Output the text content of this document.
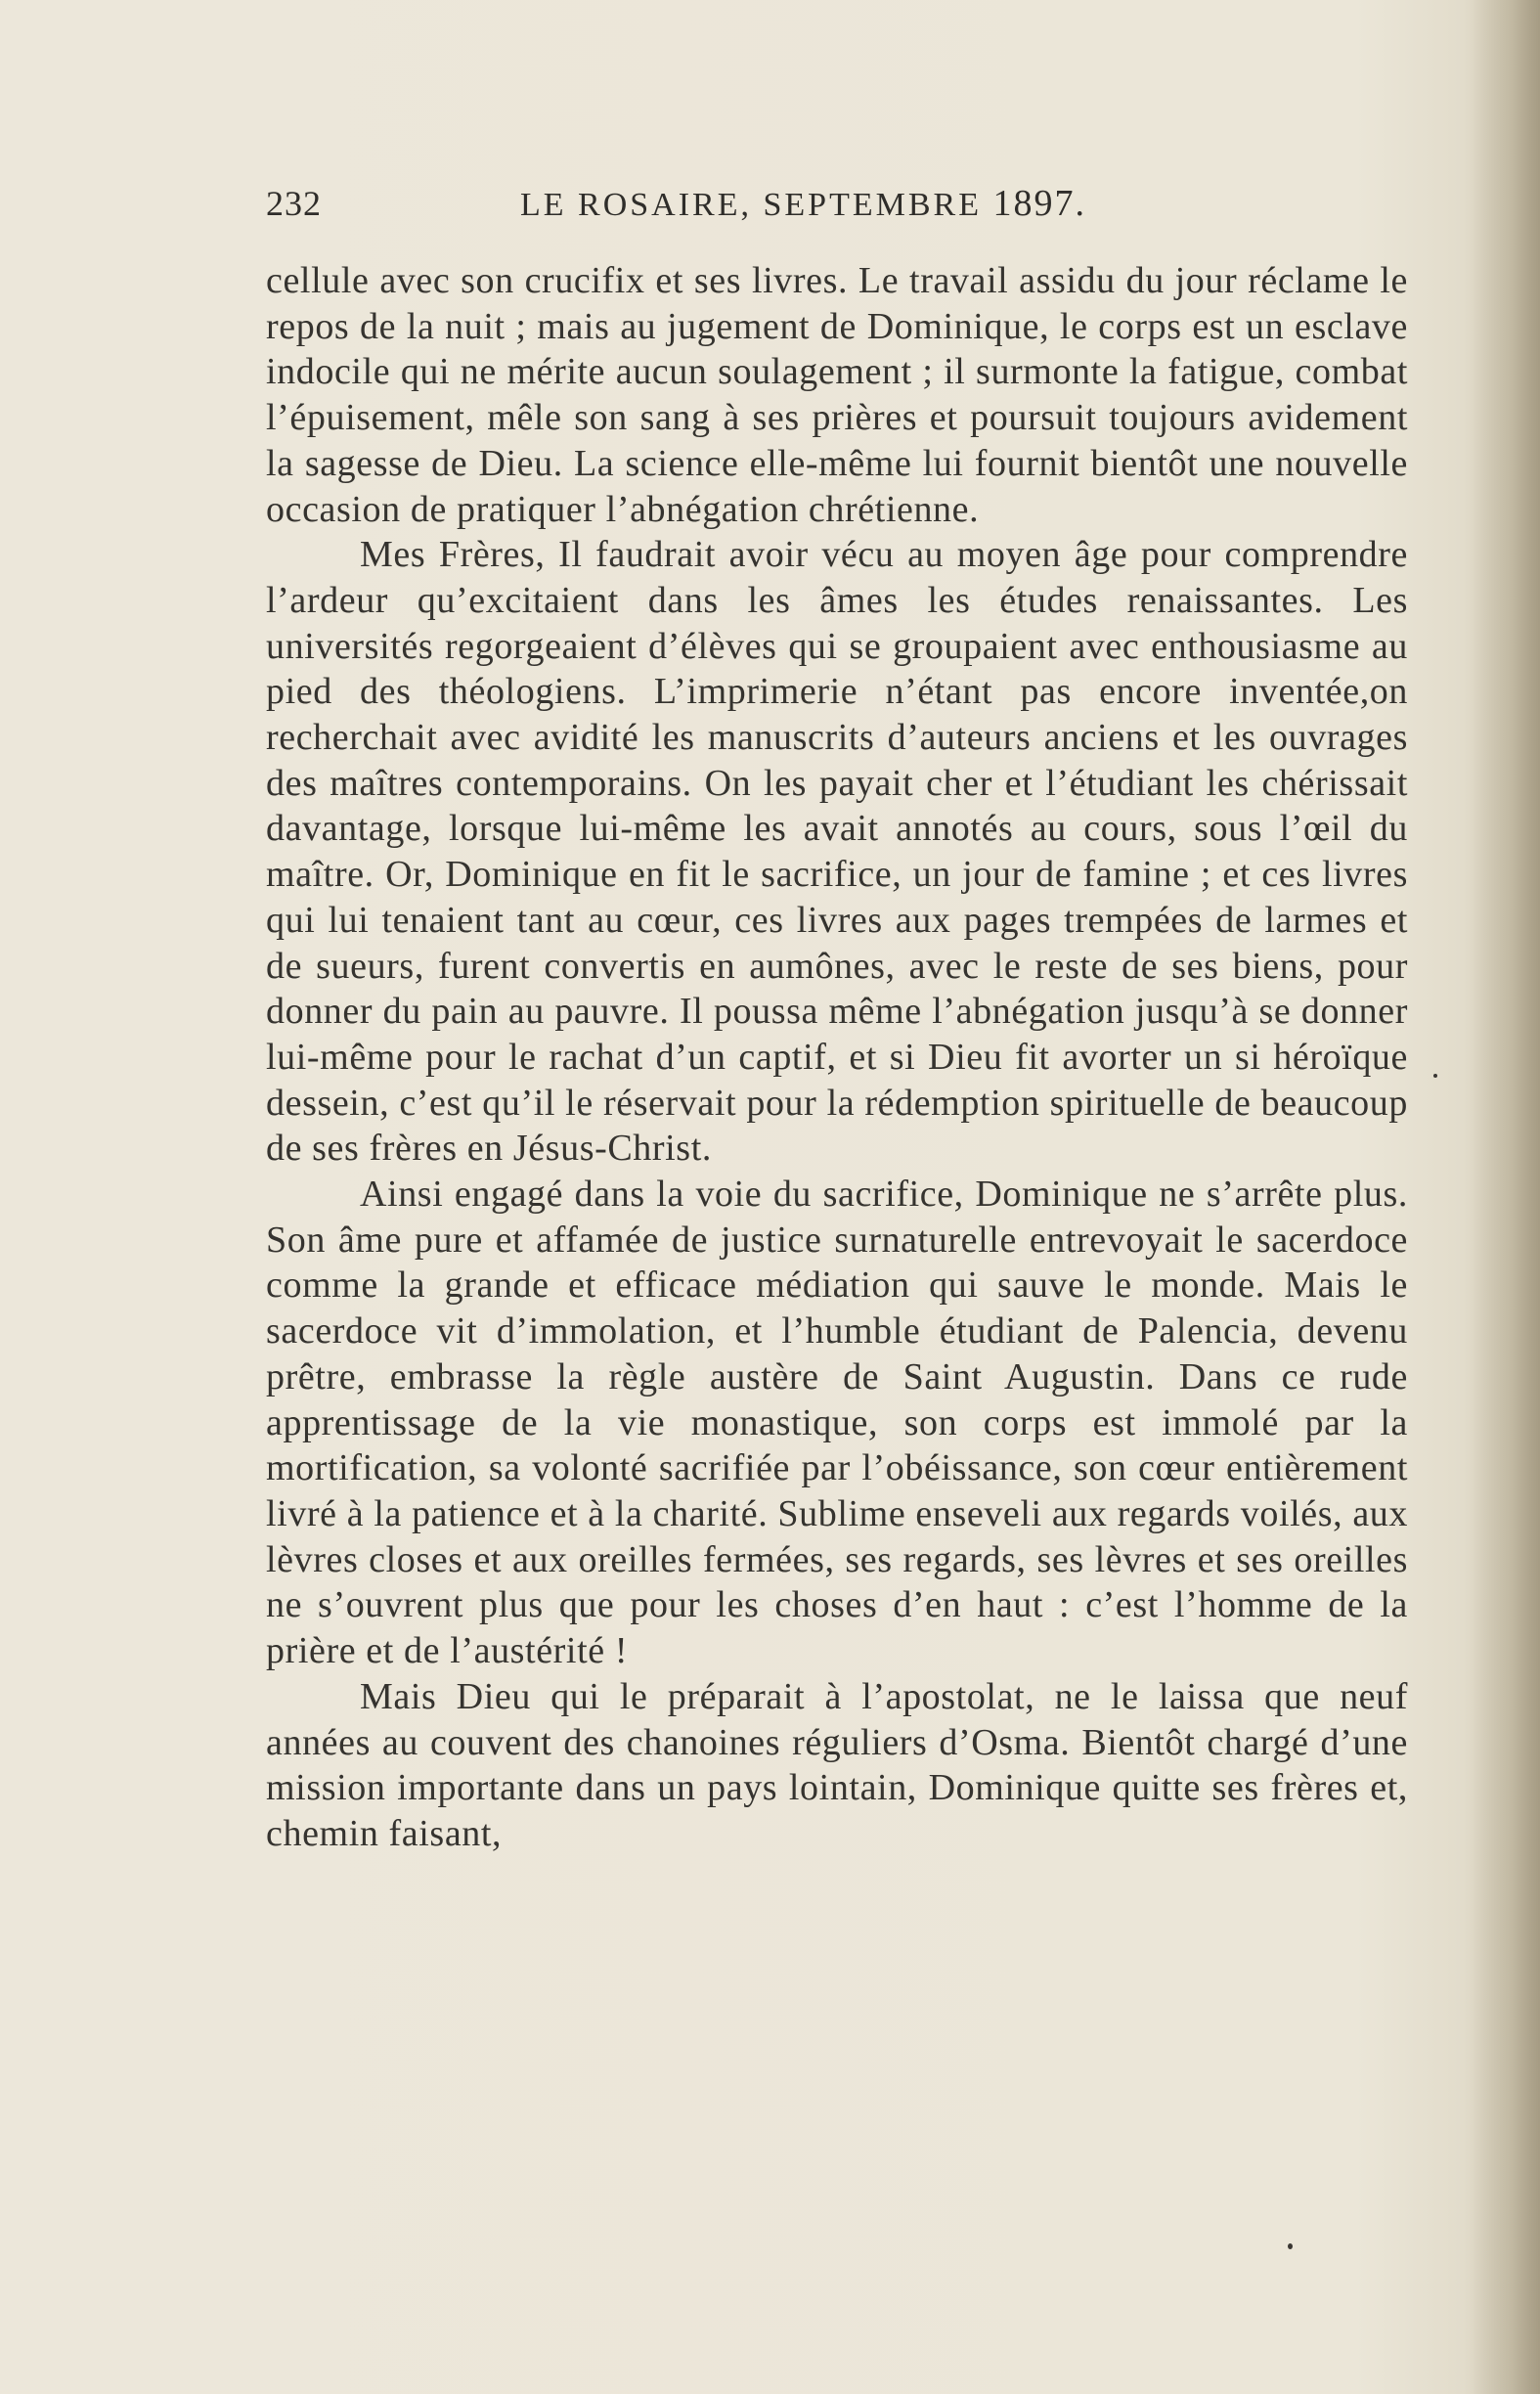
232	LE ROSAIRE, SEPTEMBRE 1897.

cellule avec son crucifix et ses livres. Le travail assidu du jour réclame le repos de la nuit ; mais au jugement de Dominique, le corps est un esclave indocile qui ne mérite aucun soulagement ; il surmonte la fatigue, combat l’épuisement, mêle son sang à ses prières et poursuit toujours avidement la sagesse de Dieu. La science elle-même lui fournit bientôt une nouvelle occasion de pratiquer l’abnégation chrétienne.

Mes Frères, Il faudrait avoir vécu au moyen âge pour comprendre l’ardeur qu’excitaient dans les âmes les études renaissantes. Les universités regorgeaient d’élèves qui se groupaient avec enthousiasme au pied des théologiens. L’imprimerie n’étant pas encore inventée,on recherchait avec avidité les manuscrits d’auteurs anciens et les ouvrages des maîtres contemporains. On les payait cher et l’étudiant les chérissait davantage, lorsque lui-même les avait annotés au cours, sous l’œil du maître. Or, Dominique en fit le sacrifice, un jour de famine ; et ces livres qui lui tenaient tant au cœur, ces livres aux pages trempées de larmes et de sueurs, furent convertis en aumônes, avec le reste de ses biens, pour donner du pain au pauvre. Il poussa même l’abnégation jusqu’à se donner lui-même pour le rachat d’un captif, et si Dieu fit avorter un si héroïque dessein, c’est qu’il le réservait pour la rédemption spirituelle de beaucoup de ses frères en Jésus-Christ.

Ainsi engagé dans la voie du sacrifice, Dominique ne s’arrête plus. Son âme pure et affamée de justice surnaturelle entrevoyait le sacerdoce comme la grande et efficace médiation qui sauve le monde. Mais le sacerdoce vit d’immolation, et l’humble étudiant de Palencia, devenu prêtre, embrasse la règle austère de Saint Augustin. Dans ce rude apprentissage de la vie monastique, son corps est immolé par la mortification, sa volonté sacrifiée par l’obéissance, son cœur entièrement livré à la patience et à la charité. Sublime enseveli aux regards voilés, aux lèvres closes et aux oreilles fermées, ses regards, ses lèvres et ses oreilles ne s’ouvrent plus que pour les choses d’en haut : c’est l’homme de la prière et de l’austérité !

Mais Dieu qui le préparait à l’apostolat, ne le laissa que neuf années au couvent des chanoines réguliers d’Osma. Bientôt chargé d’une mission importante dans un pays lointain, Dominique quitte ses frères et, chemin faisant,
